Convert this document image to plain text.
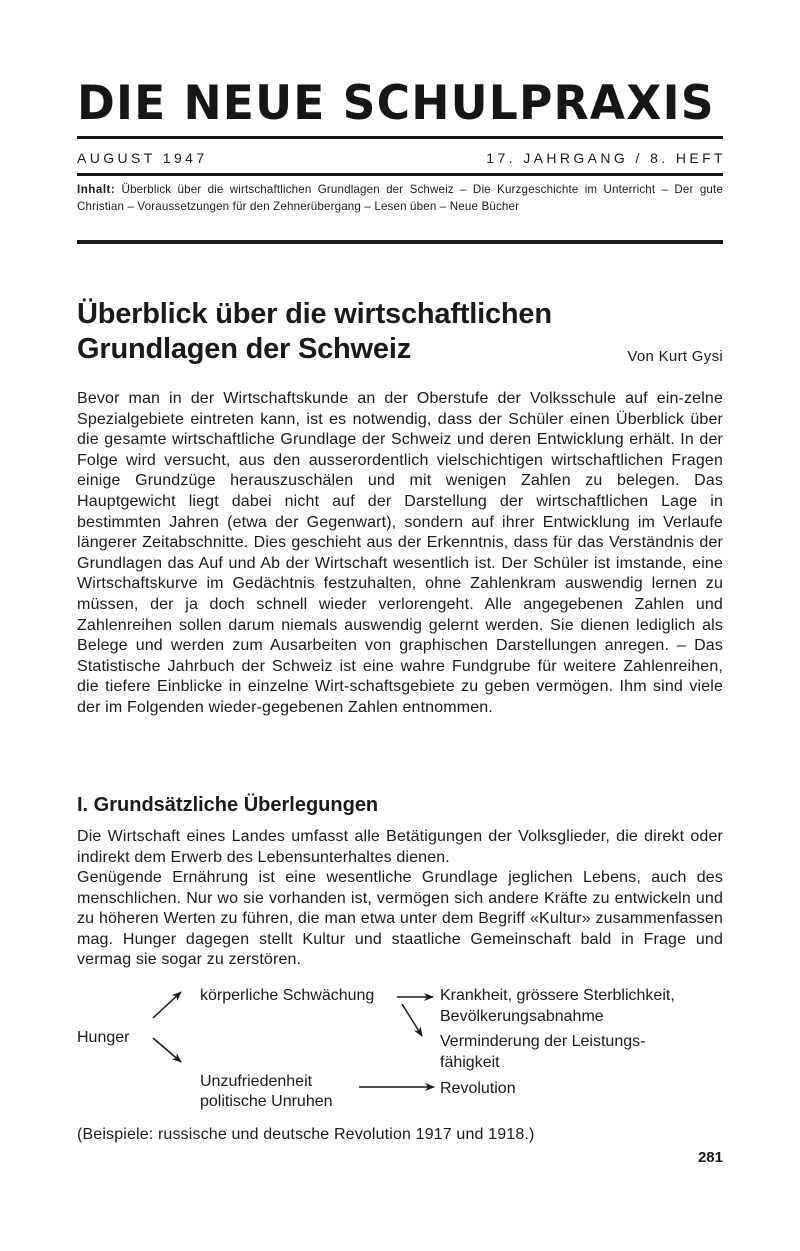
DIE NEUE SCHULPRAXIS
AUGUST 1947	17. JAHRGANG / 8. HEFT
Inhalt: Überblick über die wirtschaftlichen Grundlagen der Schweiz – Die Kurzgeschichte im Unterricht – Der gute Christian – Voraussetzungen für den Zehnerübergang – Lesen üben – Neue Bücher
Überblick über die wirtschaftlichen
Grundlagen der Schweiz	Von Kurt Gysi
Bevor man in der Wirtschaftskunde an der Oberstufe der Volksschule auf ein-zelne Spezialgebiete eintreten kann, ist es notwendig, dass der Schüler einen Überblick über die gesamte wirtschaftliche Grundlage der Schweiz und deren Entwicklung erhält. In der Folge wird versucht, aus den ausserordentlich vielschichtigen wirtschaftlichen Fragen einige Grundzüge herauszuschälen und mit wenigen Zahlen zu belegen. Das Hauptgewicht liegt dabei nicht auf der Darstellung der wirtschaftlichen Lage in bestimmten Jahren (etwa der Gegenwart), sondern auf ihrer Entwicklung im Verlaufe längerer Zeitabschnitte. Dies geschieht aus der Erkenntnis, dass für das Verständnis der Grundlagen das Auf und Ab der Wirtschaft wesentlich ist. Der Schüler ist imstande, eine Wirtschaftskurve im Gedächtnis festzuhalten, ohne Zahlenkram auswendig lernen zu müssen, der ja doch schnell wieder verlorengeht. Alle angegebenen Zahlen und Zahlenreihen sollen darum niemals auswendig gelernt werden. Sie dienen lediglich als Belege und werden zum Ausarbeiten von graphischen Darstellungen anregen. – Das Statistische Jahrbuch der Schweiz ist eine wahre Fundgrube für weitere Zahlenreihen, die tiefere Einblicke in einzelne Wirt-schaftsgebiete zu geben vermögen. Ihm sind viele der im Folgenden wieder-gegebenen Zahlen entnommen.
I. Grundsätzliche Überlegungen
Die Wirtschaft eines Landes umfasst alle Betätigungen der Volksglieder, die direkt oder indirekt dem Erwerb des Lebensunterhaltes dienen.
Genügende Ernährung ist eine wesentliche Grundlage jeglichen Lebens, auch des menschlichen. Nur wo sie vorhanden ist, vermögen sich andere Kräfte zu entwickeln und zu höheren Werten zu führen, die man etwa unter dem Begriff «Kultur» zusammenfassen mag. Hunger dagegen stellt Kultur und staatliche Gemeinschaft bald in Frage und vermag sie sogar zu zerstören.
Hunger
körperliche Schwächung
Unzufriedenheit
politische Unruhen
Krankheit, grössere Sterblichkeit,
Bevölkerungsabnahme
Verminderung der Leistungs-
fähigkeit
Revolution
(Beispiele: russische und deutsche Revolution 1917 und 1918.)
281
